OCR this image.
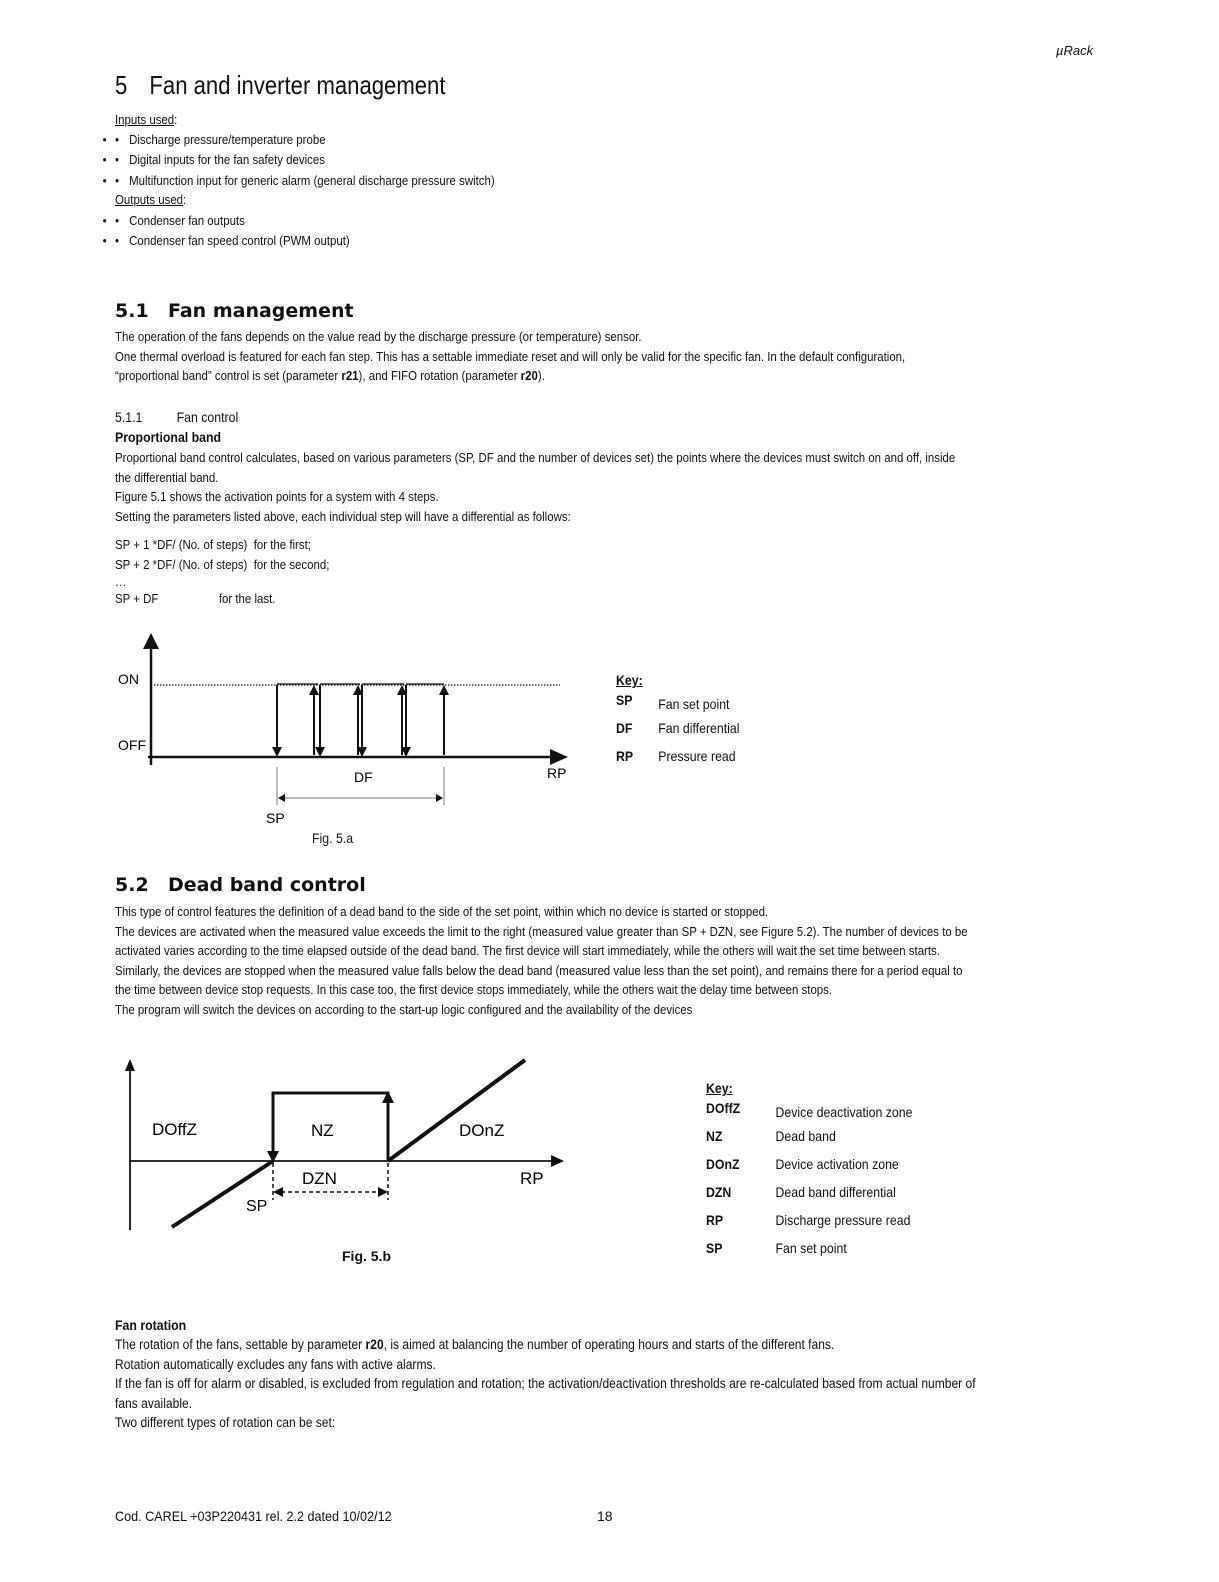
µRack
5 Fan and inverter management
Inputs used:
• • Discharge pressure/temperature probe
• • Digital inputs for the fan safety devices
• • Multifunction input for generic alarm (general discharge pressure switch)
Outputs used:
• • Condenser fan outputs
• • Condenser fan speed control (PWM output)
5.1 Fan management
The operation of the fans depends on the value read by the discharge pressure (or temperature) sensor.
One thermal overload is featured for each fan step. This has a settable immediate reset and will only be valid for the specific fan. In the default configuration,
“proportional band” control is set (parameter r21), and FIFO rotation (parameter r20).
5.1.1 Fan control
Proportional band
Proportional band control calculates, based on various parameters (SP, DF and the number of devices set) the points where the devices must switch on and off, inside
the differential band.
Figure 5.1 shows the activation points for a system with 4 steps.
Setting the parameters listed above, each individual step will have a differential as follows:
SP + 1 *DF/ (No. of steps) for the first;
SP + 2 *DF/ (No. of steps) for the second;
…
SP + DF	for the last.
ON
OFF
DF	RP
SP
Fig. 5.a
Key:
SP Fan set point
DF Fan differential
RP Pressure read
5.2 Dead band control
This type of control features the definition of a dead band to the side of the set point, within which no device is started or stopped.
The devices are activated when the measured value exceeds the limit to the right (measured value greater than SP + DZN, see Figure 5.2). The number of devices to be
activated varies according to the time elapsed outside of the dead band. The first device will start immediately, while the others will wait the set time between starts.
Similarly, the devices are stopped when the measured value falls below the dead band (measured value less than the set point), and remains there for a period equal to
the time between device stop requests. In this case too, the first device stops immediately, while the others wait the delay time between stops.
The program will switch the devices on according to the start-up logic configured and the availability of the devices
DOffZ	NZ	DOnZ
DZN	RP
SP
Fig. 5.b
Key:
DOffZ	Device deactivation zone
NZ	Dead band
DOnZ	Device activation zone
DZN	Dead band differential
RP	Discharge pressure read
SP	Fan set point
Fan rotation
The rotation of the fans, settable by parameter r20, is aimed at balancing the number of operating hours and starts of the different fans.
Rotation automatically excludes any fans with active alarms.
If the fan is off for alarm or disabled, is excluded from regulation and rotation; the activation/deactivation thresholds are re-calculated based from actual number of
fans available.
Two different types of rotation can be set:
Cod. CAREL +03P220431 rel. 2.2 dated 10/02/12	18
